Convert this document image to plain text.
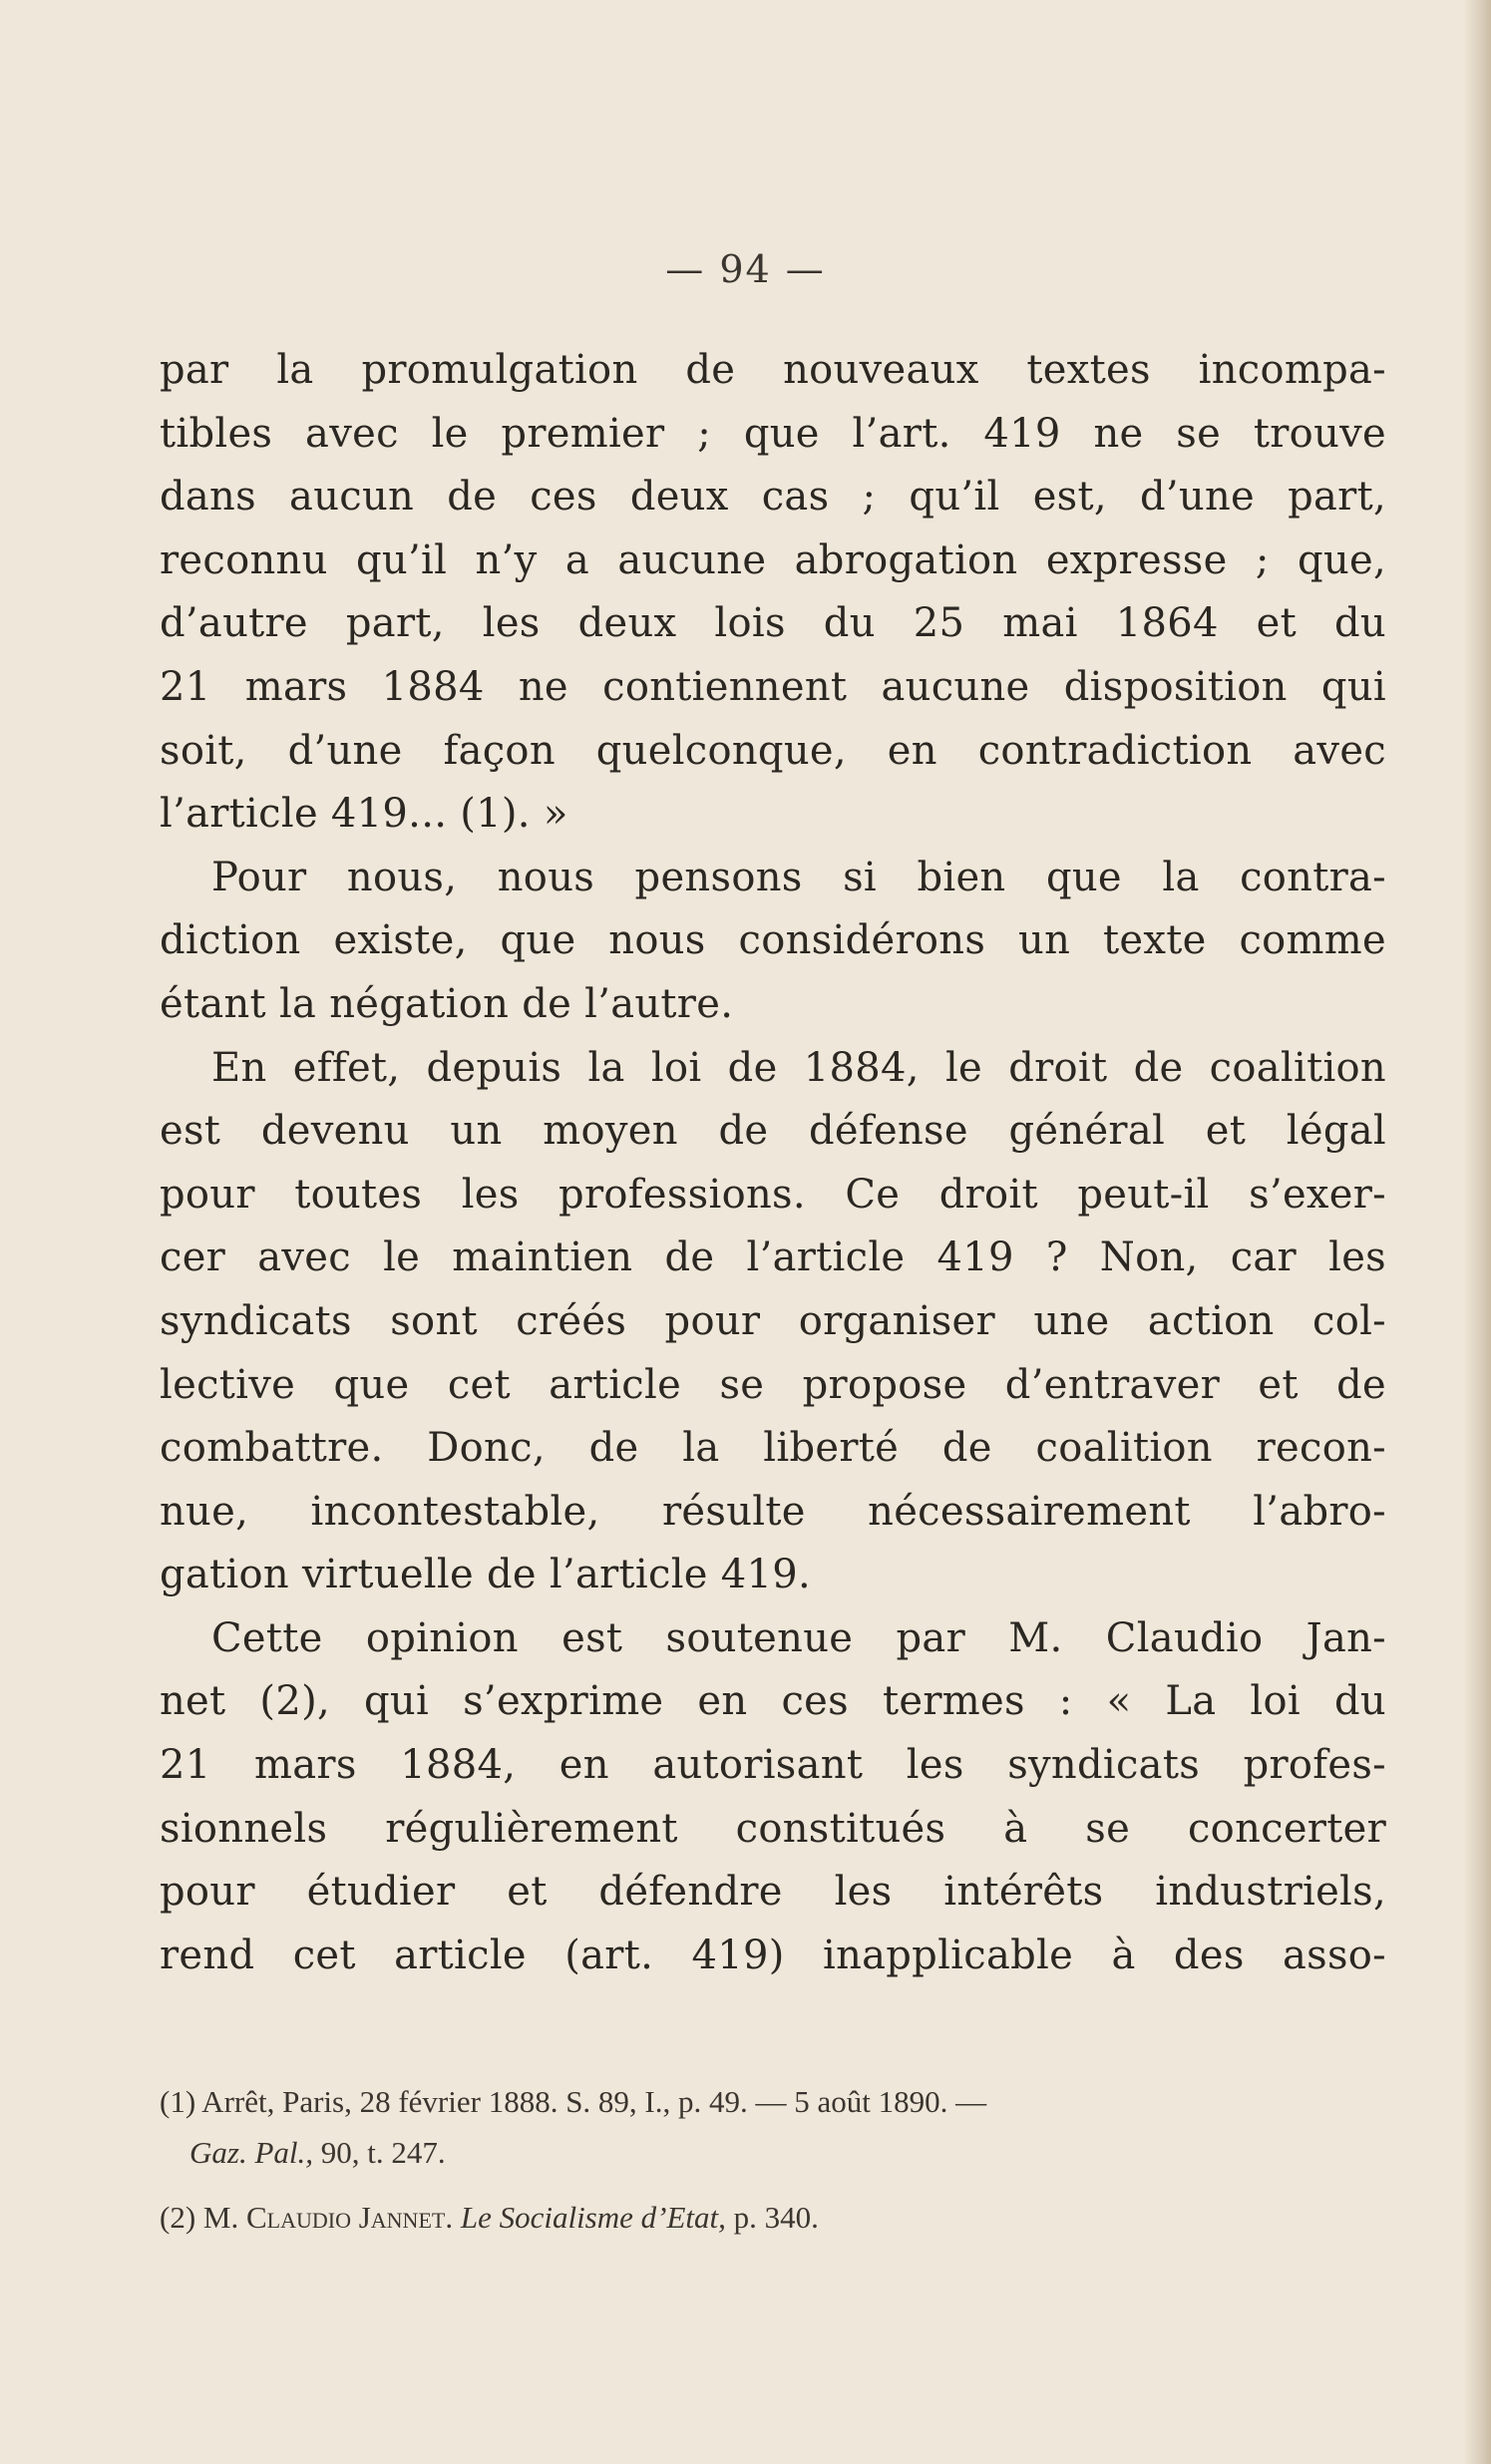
— 94 —
par la promulgation de nouveaux textes incompa-
tibles avec le premier ; que l’art. 419 ne se trouve
dans aucun de ces deux cas ; qu’il est, d’une part,
reconnu qu’il n’y a aucune abrogation expresse ; que,
d’autre part, les deux lois du 25 mai 1864 et du
21 mars 1884 ne contiennent aucune disposition qui
soit, d’une façon quelconque, en contradiction avec
l’article 419... (1). »
Pour nous, nous pensons si bien que la contra-
diction existe, que nous considérons un texte comme
étant la négation de l’autre.
En effet, depuis la loi de 1884, le droit de coalition
est devenu un moyen de défense général et légal
pour toutes les professions. Ce droit peut-il s’exer-
cer avec le maintien de l’article 419 ? Non, car les
syndicats sont créés pour organiser une action col-
lective que cet article se propose d’entraver et de
combattre. Donc, de la liberté de coalition recon-
nue, incontestable, résulte nécessairement l’abro-
gation virtuelle de l’article 419.
Cette opinion est soutenue par M. Claudio Jan-
net (2), qui s’exprime en ces termes : « La loi du
21 mars 1884, en autorisant les syndicats profes-
sionnels régulièrement constitués à se concerter
pour étudier et défendre les intérêts industriels,
rend cet article (art. 419) inapplicable à des asso-
(1) Arrêt, Paris, 28 février 1888. S. 89, I., p. 49. — 5 août 1890. —
Gaz. Pal., 90, t. 247.
(2) M. Claudio Jannet. Le Socialisme d’Etat, p. 340.
